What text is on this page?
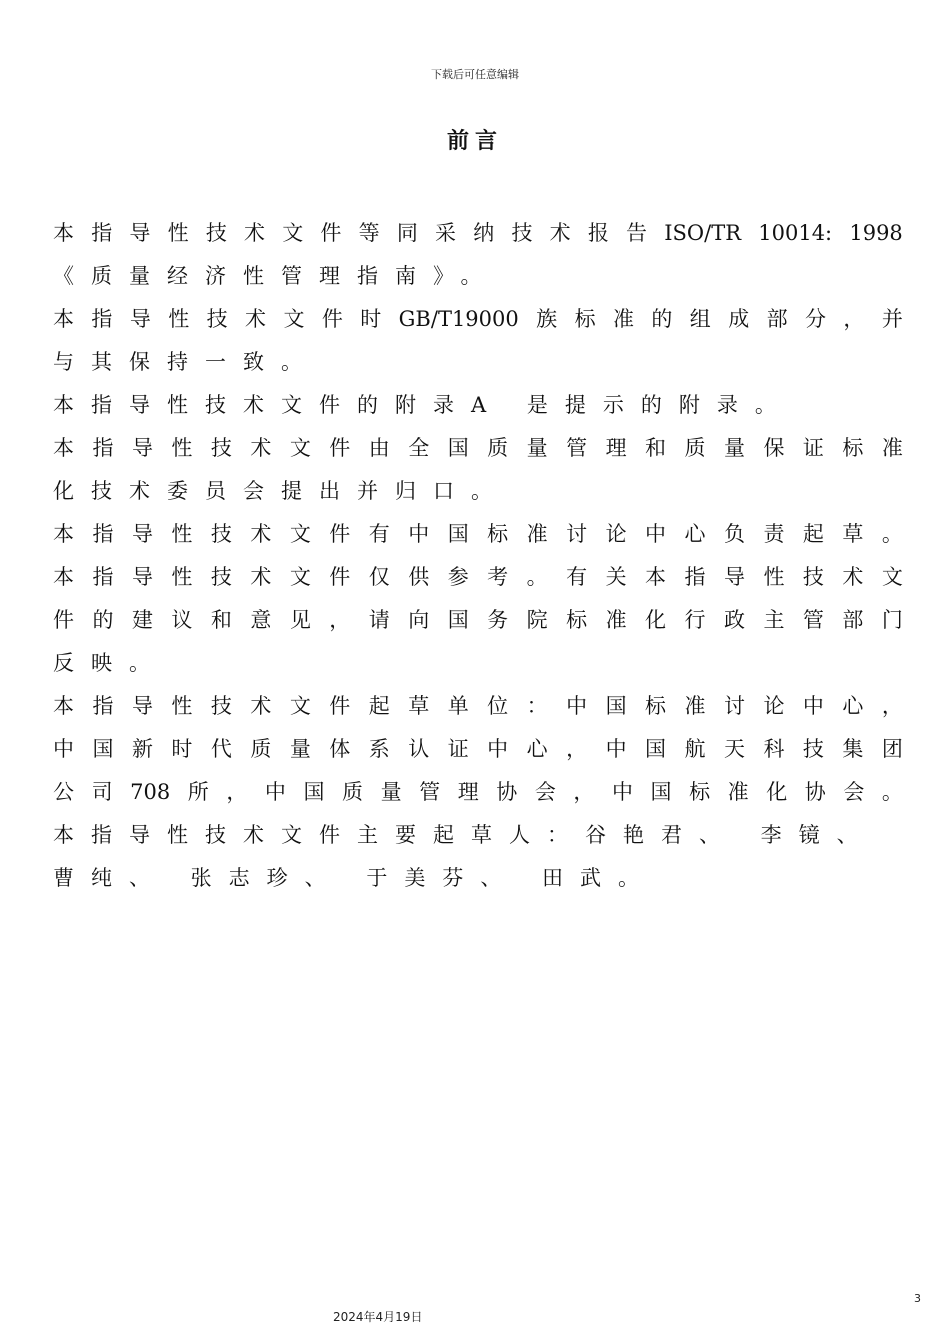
下载后可任意编辑
前言
本 指 导 性 技 术 文 件 等 同 采 纳 技 术 报 告 ISO/TR 10014: 1998
《质量经济性管理指南》。
本 指 导 性 技 术 文 件 时 GB/T19000 族 标 准 的 组 成 部 分 ， 并
与其保持一致。
本指导性技术文件的附录A 是提示的附录。
本 指 导 性 技 术 文 件 由 全 国 质 量 管 理 和 质 量 保 证 标 准
化技术委员会提出并归口。
本 指 导 性 技 术 文 件 有 中 国 标 准 讨 论 中 心 负 责 起 草 。
本 指 导 性 技 术 文 件 仅 供 参 考 。 有 关 本 指 导 性 技 术 文
件 的 建 议 和 意 见 ， 请 向 国 务 院 标 准 化 行 政 主 管 部 门
反映。
本 指 导 性 技 术 文 件 起 草 单 位 ： 中 国 标 准 讨 论 中 心 ，
中 国 新 时 代 质 量 体 系 认 证 中 心 ， 中 国 航 天 科 技 集 团
公 司 708 所 ， 中 国 质 量 管 理 协 会 ， 中 国 标 准 化 协 会 。
本指导性技术文件主要起草人：谷艳君、 李镜、
曹纯、 张志珍、 于美芬、 田武。
3
2024年4月19日
